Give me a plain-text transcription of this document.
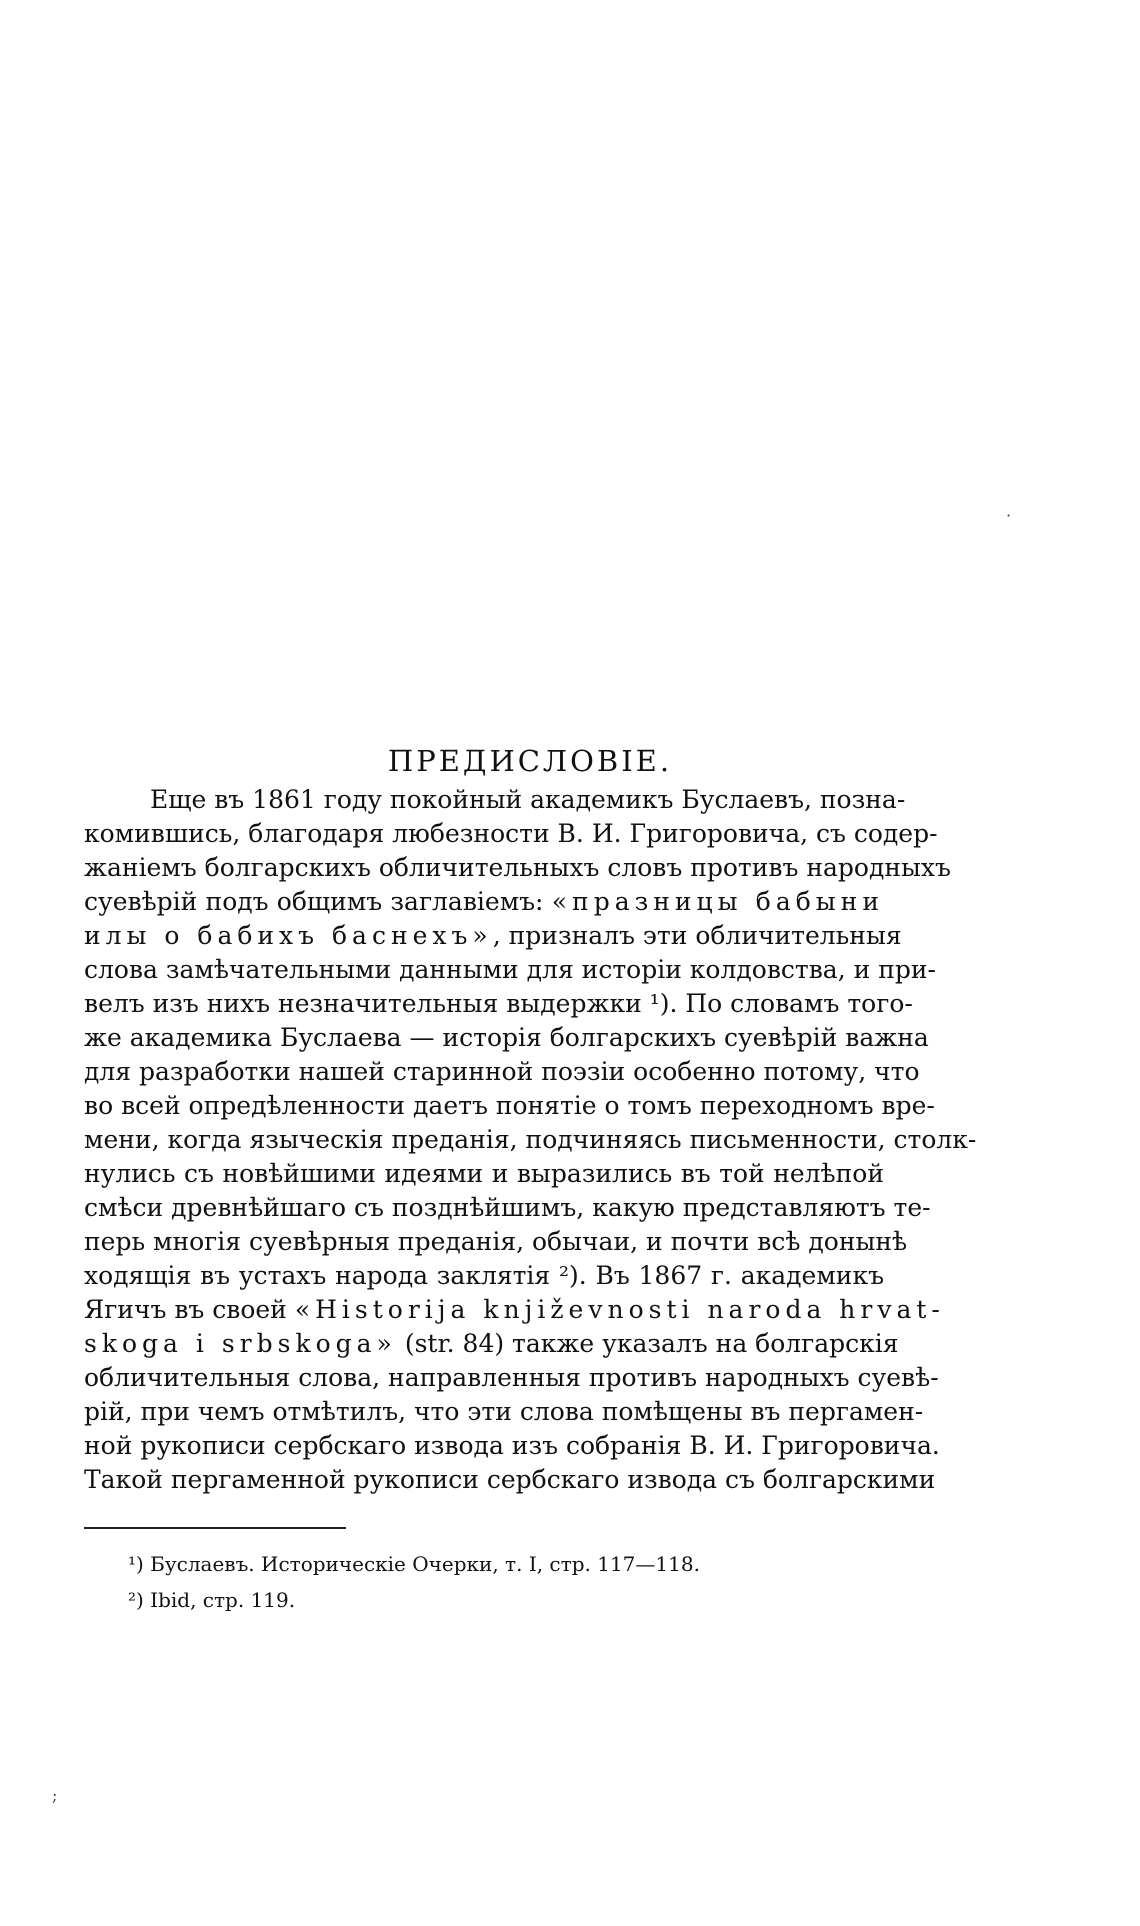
·
ПРЕДИСЛОВІЕ.
Еще въ 1861 году покойный академикъ Буслаевъ, позна-
комившись, благодаря любезности В. И. Григоровича, съ содер-
жаніемъ болгарскихъ обличительныхъ словъ противъ народныхъ
суевѣрій подъ общимъ заглавіемъ: «празницы бабыни
илы о бабихъ баснехъ», призналъ эти обличительныя
слова замѣчательными данными для исторіи колдовства, и при-
велъ изъ нихъ незначительныя выдержки ¹). По словамъ того-
же академика Буслаева — исторія болгарскихъ суевѣрій важна
для разработки нашей старинной поэзіи особенно потому, что
во всей опредѣленности даетъ понятіе о томъ переходномъ вре-
мени, когда языческія преданія, подчиняясь письменности, столк-
нулись съ новѣйшими идеями и выразились въ той нелѣпой
смѣси древнѣйшаго съ позднѣйшимъ, какую представляютъ те-
перь многія суевѣрныя преданія, обычаи, и почти всѣ донынѣ
ходящія въ устахъ народа заклятія ²). Въ 1867 г. академикъ
Ягичъ въ своей «Historija književnosti naroda hrvat-
skoga i srbskoga» (str. 84) также указалъ на болгарскія
обличительныя слова, направленныя противъ народныхъ суевѣ-
рій, при чемъ отмѣтилъ, что эти слова помѣщены въ пергамен-
ной рукописи сербскаго извода изъ собранія В. И. Григоровича.
Такой пергаменной рукописи сербскаго извода съ болгарскими
¹) Буслаевъ. Историческіе Очерки, т. I, стр. 117—118.
²) Ibid, стр. 119.
;
